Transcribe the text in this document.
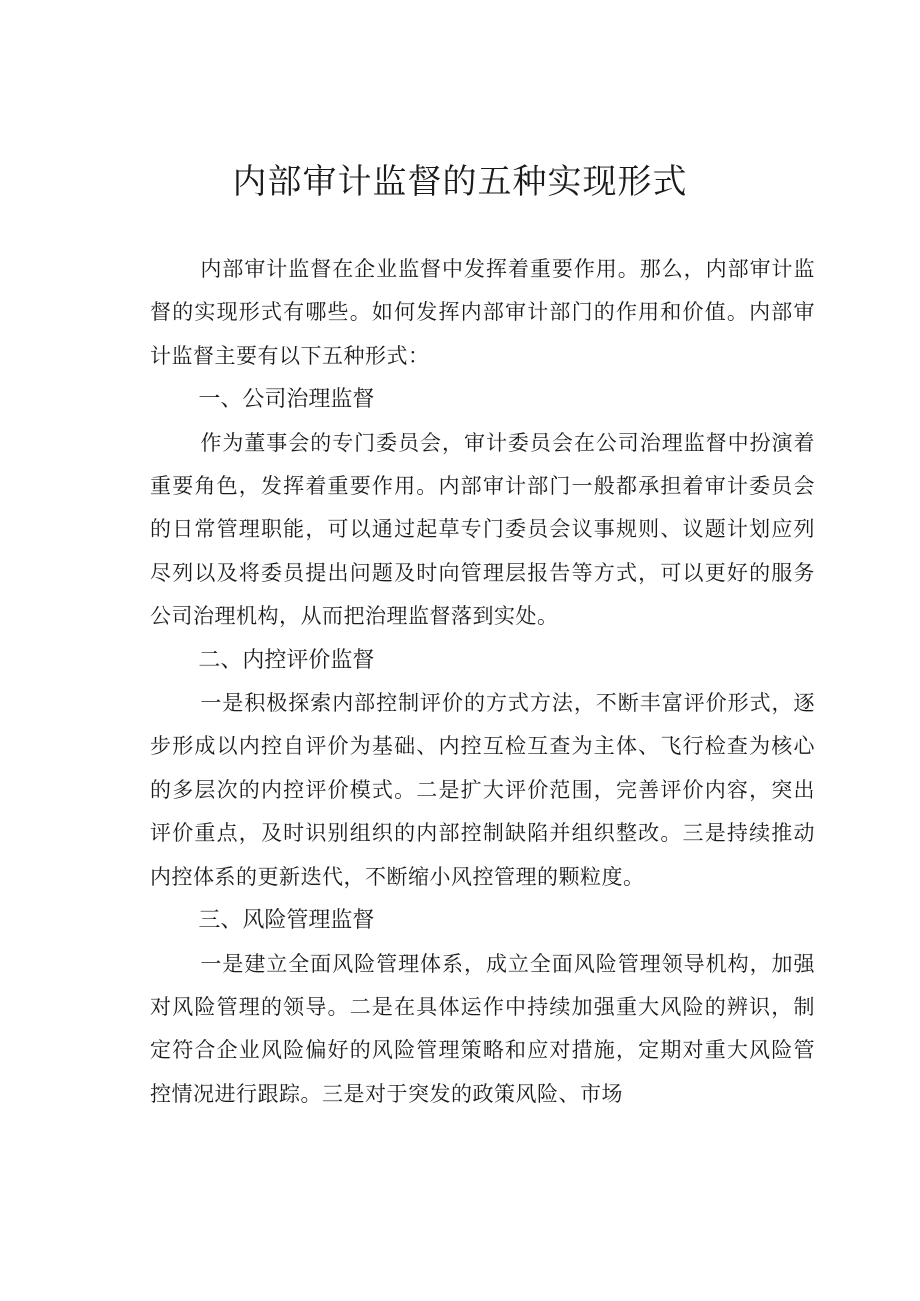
内部审计监督的五种实现形式

内部审计监督在企业监督中发挥着重要作用。那么，内部审计监督的实现形式有哪些。如何发挥内部审计部门的作用和价值。内部审计监督主要有以下五种形式：

一、公司治理监督

作为董事会的专门委员会，审计委员会在公司治理监督中扮演着重要角色，发挥着重要作用。内部审计部门一般都承担着审计委员会的日常管理职能，可以通过起草专门委员会议事规则、议题计划应列尽列以及将委员提出问题及时向管理层报告等方式，可以更好的服务公司治理机构，从而把治理监督落到实处。

二、内控评价监督

一是积极探索内部控制评价的方式方法，不断丰富评价形式，逐步形成以内控自评价为基础、内控互检互查为主体、飞行检查为核心的多层次的内控评价模式。二是扩大评价范围，完善评价内容，突出评价重点，及时识别组织的内部控制缺陷并组织整改。三是持续推动内控体系的更新迭代，不断缩小风控管理的颗粒度。

三、风险管理监督

一是建立全面风险管理体系，成立全面风险管理领导机构，加强对风险管理的领导。二是在具体运作中持续加强重大风险的辨识，制定符合企业风险偏好的风险管理策略和应对措施，定期对重大风险管控情况进行跟踪。三是对于突发的政策风险、市场
